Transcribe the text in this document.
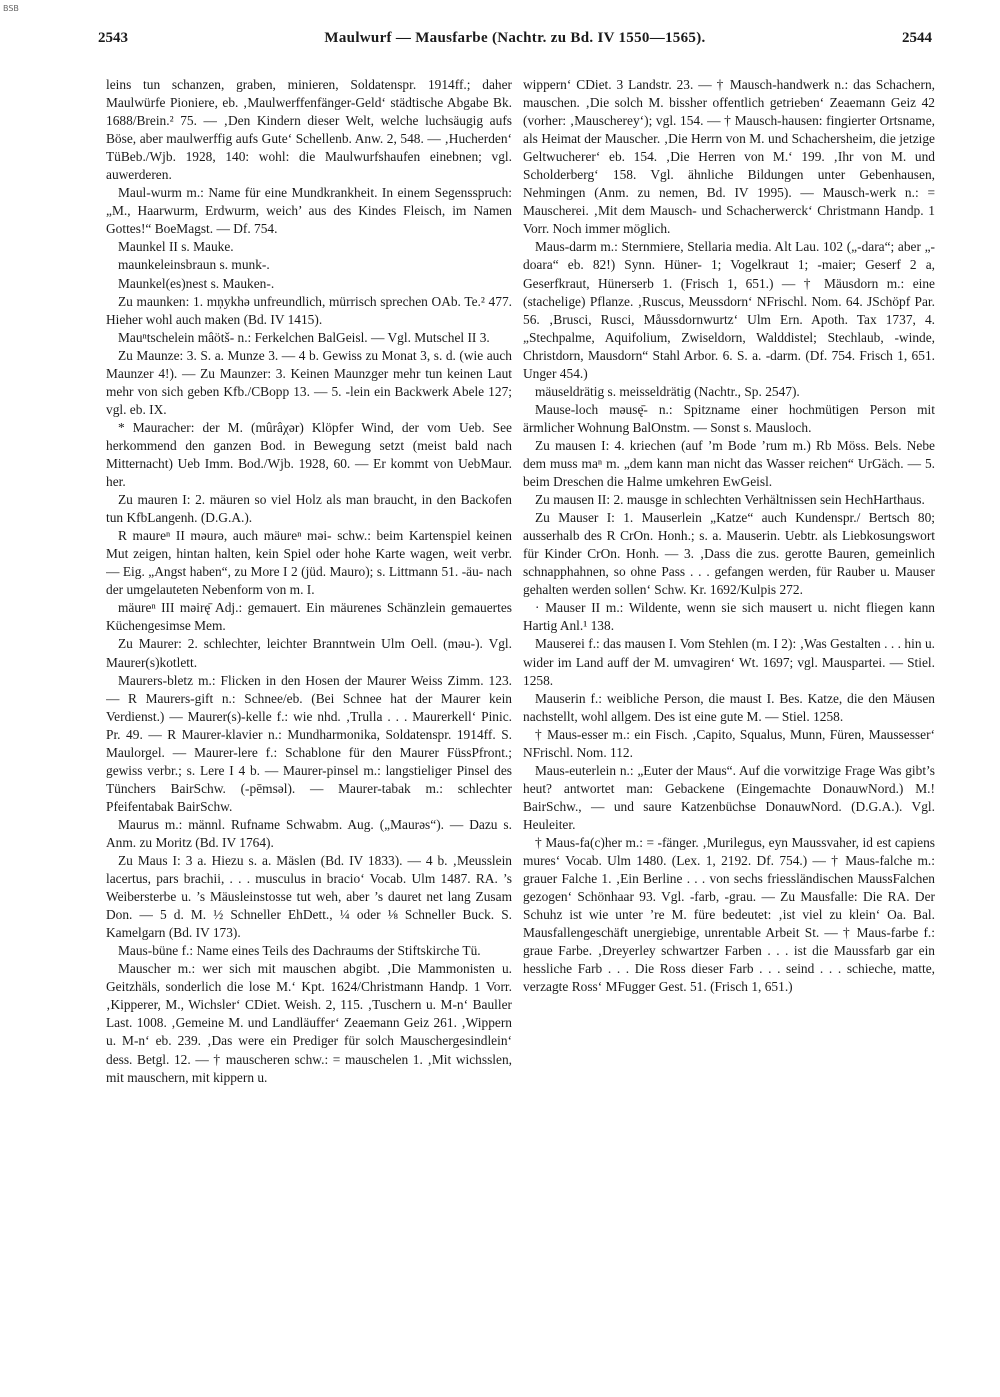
BSB
2543	Maulwurf — Mausfarbe (Nachtr. zu Bd. IV 1550—1565).	2544

leins tun schanzen, graben, minieren, Soldatenspr. 1914ff.; daher Maulwürfe Pioniere, eb. ‚Maulwerffenfänger-Geld‘ städtische Abgabe Bk. 1688/Brein.² 75. — ‚Den Kindern dieser Welt, welche luchsäugig aufs Böse, aber maulwerffig aufs Gute‘ Schellenb. Anw. 2, 548. — ‚Hucherden‘ TüBeb./Wjb. 1928, 140: wohl: die Maulwurfshaufen einebnen; vgl. auwerderen.

Maul-wurm m.: Name für eine Mundkrankheit. In einem Segensspruch: „M., Haarwurm, Erdwurm, weich’ aus des Kindes Fleisch, im Namen Gottes!“ BoeMagst. — Df. 754.

Maunkel II s. Mauke.

maunkeleinsbraun s. munk-.

Maunkel(es)nest s. Mauken-.

Zu maunken: 1. mņykhə unfreundlich, mürrisch sprechen OAb. Te.² 477. Hieher wohl auch maken (Bd. IV 1415).

Mauⁿtschelein mâötš- n.: Ferkelchen BalGeisl. — Vgl. Mutschel II 3.

Zu Maunze: 3. S. a. Munze 3. — 4 b. Gewiss zu Monat 3, s. d. (wie auch Maunzer 4!). — Zu Maunzer: 3. Keinen Maunzger mehr tun keinen Laut mehr von sich geben Kfb./CBopp 13. — 5. -lein ein Backwerk Abele 127; vgl. eb. IX.

* Mauracher: der M. (mûrâχər) Klöpfer Wind, der vom Ueb. See herkommend den ganzen Bod. in Bewegung setzt (meist bald nach Mitternacht) Ueb Imm. Bod./Wjb. 1928, 60. — Er kommt von UebMaur. her.

Zu mauren I: 2. mäuren so viel Holz als man braucht, in den Backofen tun KfbLangenh. (D.G.A.).

R maureⁿ II məurə, auch mäureⁿ məi- schw.: beim Kartenspiel keinen Mut zeigen, hintan halten, kein Spiel oder hohe Karte wagen, weit verbr. — Eig. „Angst haben“, zu More I 2 (jüd. Mauro); s. Littmann 51. -äu- nach der umgelauteten Nebenform von m. I.

mäureⁿ III məirę̄ Adj.: gemauert. Ein mäurenes Schänzlein gemauertes Küchengesimse Mem.

Zu Maurer: 2. schlechter, leichter Branntwein Ulm Oell. (məu-). Vgl. Maurer(s)kotlett.

Maurers-bletz m.: Flicken in den Hosen der Maurer Weiss Zimm. 123. — R Maurers-gift n.: Schnee/eb. (Bei Schnee hat der Maurer kein Verdienst.) — Maurer(s)-kelle f.: wie nhd. ‚Trulla . . . Maurerkell‘ Pinic. Pr. 49. — R Maurer-klavier n.: Mundharmonika, Soldatenspr. 1914ff. S. Maulorgel. — Maurer-lere f.: Schablone für den Maurer FüssPfront.; gewiss verbr.; s. Lere I 4 b. — Maurer-pinsel m.: langstieliger Pinsel des Tünchers BairSchw. (-pēmsəl). — Maurer-tabak m.: schlechter Pfeifentabak BairSchw.

Maurus m.: männl. Rufname Schwabm. Aug. („Maurəs“). — Dazu s. Anm. zu Moritz (Bd. IV 1764).

Zu Maus I: 3 a. Hiezu s. a. Mäslen (Bd. IV 1833). — 4 b. ‚Meusslein lacertus, pars brachii, . . . musculus in bracio‘ Vocab. Ulm 1487. RA. ’s Weibersterbe u. ’s Mäusleinstosse tut weh, aber ’s dauret net lang Zusam Don. — 5 d. M. ½ Schneller EhDett., ¼ oder ⅛ Schneller Buck. S. Kamelgarn (Bd. IV 173).

Maus-büne f.: Name eines Teils des Dachraums der Stiftskirche Tü.

Mauscher m.: wer sich mit mauschen abgibt. ‚Die Mammonisten u. Geitzhäls, sonderlich die lose M.‘ Kpt. 1624/Christmann Handp. 1 Vorr. ‚Kipperer, M., Wichsler‘ CDiet. Weish. 2, 115. ‚Tuschern u. M-n‘ Bauller Last. 1008. ‚Gemeine M. und Landläuffer‘ Zeaemann Geiz 261. ‚Wippern u. M-n‘ eb. 239. ‚Das were ein Prediger für solch Mauschergesindlein‘ dess. Betgl. 12. — † mauscheren schw.: = mauschelen 1. ‚Mit wichsslen, mit mauschern, mit kippern u.

wippern‘ CDiet. 3 Landstr. 23. — † Mausch-handwerk n.: das Schachern, mauschen. ‚Die solch M. bissher offentlich getrieben‘ Zeaemann Geiz 42 (vorher: ‚Mauscherey‘); vgl. 154. — † Mausch-hausen: fingierter Ortsname, als Heimat der Mauscher. ‚Die Herrn von M. und Schachersheim, die jetzige Geltwucherer‘ eb. 154. ‚Die Herren von M.‘ 199. ‚Ihr von M. und Scholderberg‘ 158. Vgl. ähnliche Bildungen unter Gebenhausen, Nehmingen (Anm. zu nemen, Bd. IV 1995). — Mausch-werk n.: = Mauscherei. ‚Mit dem Mausch- und Schacherwerck‘ Christmann Handp. 1 Vorr. Noch immer möglich.

Maus-darm m.: Sternmiere, Stellaria media. Alt Lau. 102 („-dara“; aber „-doara“ eb. 82!) Synn. Hüner- 1; Vogelkraut 1; -maier; Geserf 2 a, Geserfkraut, Hünerserb 1. (Frisch 1, 651.) — † Mäusdorn m.: eine (stachelige) Pflanze. ‚Ruscus, Meussdorn‘ NFrischl. Nom. 64. JSchöpf Par. 56. ‚Brusci, Rusci, Måussdornwurtz‘ Ulm Ern. Apoth. Tax 1737, 4. „Stechpalme, Aquifolium, Zwiseldorn, Walddistel; Stechlaub, -winde, Christdorn, Mausdorn“ Stahl Arbor. 6. S. a. -darm. (Df. 754. Frisch 1, 651. Unger 454.)

mäuseldrätig s. meisseldrätig (Nachtr., Sp. 2547).

Mause-loch məusę̄- n.: Spitzname einer hochmütigen Person mit ärmlicher Wohnung BalOnstm. — Sonst s. Mausloch.

Zu mausen I: 4. kriechen (auf ’m Bode ’rum m.) Rb Möss. Bels. Nebe dem muss maⁿ m. „dem kann man nicht das Wasser reichen“ UrGäch. — 5. beim Dreschen die Halme umkehren EwGeisl.

Zu mausen II: 2. mausge in schlechten Verhältnissen sein HechHarthaus.

Zu Mauser I: 1. Mauserlein „Katze“ auch Kundenspr./ Bertsch 80; ausserhalb des R CrOn. Honh.; s. a. Mauserin. Uebtr. als Liebkosungswort für Kinder CrOn. Honh. — 3. ‚Dass die zus. gerotte Bauren, gemeinlich schnapphahnen, so ohne Pass . . . gefangen werden, für Rauber u. Mauser gehalten werden sollen‘ Schw. Kr. 1692/Kulpis 272.

· Mauser II m.: Wildente, wenn sie sich mausert u. nicht fliegen kann Hartig Anl.¹ 138.

Mauserei f.: das mausen I. Vom Stehlen (m. I 2): ‚Was Gestalten . . . hin u. wider im Land auff der M. umvagiren‘ Wt. 1697; vgl. Mauspartei. — Stiel. 1258.

Mauserin f.: weibliche Person, die maust I. Bes. Katze, die den Mäusen nachstellt, wohl allgem. Des ist eine gute M. — Stiel. 1258.

† Maus-esser m.: ein Fisch. ‚Capito, Squalus, Munn, Füren, Maussesser‘ NFrischl. Nom. 112.

Maus-euterlein n.: „Euter der Maus“. Auf die vorwitzige Frage Was gibt’s heut? antwortet man: Gebackene (Eingemachte DonauwNord.) M.! BairSchw., — und saure Katzenbüchse DonauwNord. (D.G.A.). Vgl. Heuleiter.

† Maus-fa(c)her m.: = -fänger. ‚Murilegus, eyn Maussvaher, id est capiens mures‘ Vocab. Ulm 1480. (Lex. 1, 2192. Df. 754.) — † Maus-falche m.: grauer Falche 1. ‚Ein Berline . . . von sechs friessländischen MaussFalchen gezogen‘ Schönhaar 93. Vgl. -farb, -grau. — Zu Mausfalle: Die RA. Der Schuhz ist wie unter ’re M. füre bedeutet: ‚ist viel zu klein‘ Oa. Bal. Mausfallengeschäft unergiebige, unrentable Arbeit St. — † Maus-farbe f.: graue Farbe. ‚Dreyerley schwartzer Farben . . . ist die Maussfarb gar ein hessliche Farb . . . Die Ross dieser Farb . . . seind . . . schieche, matte, verzagte Ross‘ MFugger Gest. 51. (Frisch 1, 651.)
